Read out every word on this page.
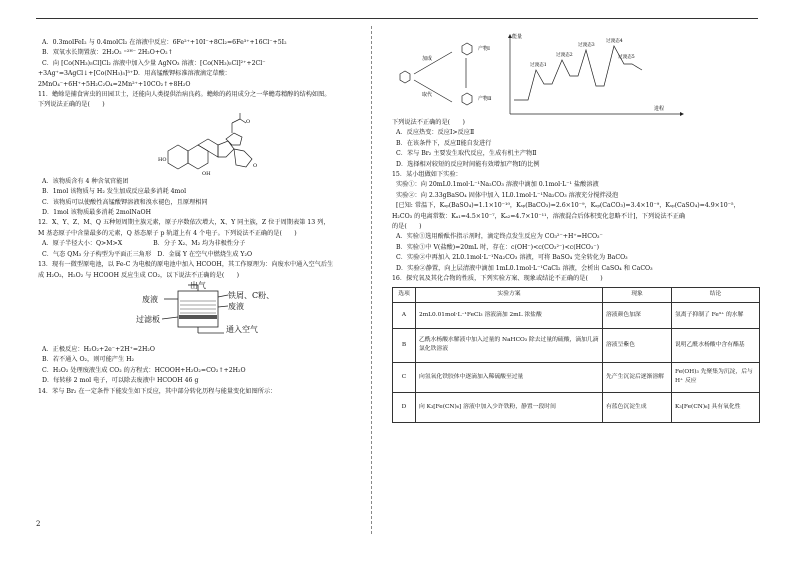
A．0.3molFeI₂ 与 0.4molCl₂ 在溶液中反应：6Fe²⁺+10I⁻+8Cl₂=6Fe³⁺+16Cl⁻+5I₂
B．双氧水长期置放：2H₂O₂ ⁼²ᴴ⁻ 2H₂O+O₂↑
C．向 [Co(NH₃)₅Cl]Cl₂ 溶液中加入少量 AgNO₃ 溶液：[Co(NH₃)₅Cl]²⁺+2Cl⁻
+3Ag⁺=3AgCl↓+[Co(NH₃)₅]³⁺D．用高锰酸钾标准溶液滴定草酸：
2MnO₄⁻+6H⁺+5H₂C₂O₄=2Mn²⁺+10CO₂↑+8H₂O
11．蟾蜍是捕食害虫的田园卫士，还能向人类提供治病良药。蟾蜍的药用成分之一华蟾毒精醇的结构如图。
下列说法正确的是(　　)
HO
OH
O
O
A．该物质含有 4 种含氧官能团
B．1mol 该物质与 H₂ 发生加成反应最多消耗 4mol
C．该物质可以使酸性高锰酸钾溶液和溴水褪色，且原理相同
D．1mol 该物质最多消耗 2molNaOH
12．X、Y、Z、M、Q 五种短周期主族元素，原子序数依次增大，X、Y 同主族，Z 位于周期表第 13 列，
M 基态原子中含量最多的元素，Q 基态原子 p 轨道上有 4 个电子。下列说法不正确的是(　　)
A．原子半径大小：Q>M>X　　　　　B．分子 X₂、M₂ 均为非极性分子
C．气态 QM₃ 分子构型为平面正三角形　D．金属 Y 在空气中燃烧生成 Y₂O
13．现有一微型原电池，以 Fe-C 为电极的原电池中加入 HCOOH，其工作原理为：向废水中通入空气后生
成 H₂O₂，H₂O₂ 与 HCOOH 反应生成 CO₂，以下说法不正确的是(　　)
出气
废液	铁屑、C粉、
废液
过滤板
通入空气
A．正极反应：H₂O₂+2e⁻+2H⁺=2H₂O
B．若不通入 O₂，则可能产生 H₂
C．H₂O₂ 处理废液生成 CO₂ 的方程式：HCOOH+H₂O₂=CO₂↑+2H₂O
D．每转移 2 mol 电子，可以除去废液中 HCOOH 46 g
14．苯与 Br₂ 在一定条件下能发生如下反应，其中部分转化历程与能量变化如图所示：
2
加成
取代
产物Ⅰ
产物Ⅱ
能量
过渡态1
过渡态2
过渡态3
过渡态4
过渡态5
进程
下列说法不正确的是(　　)
A．反应热变：反应Ⅰ>反应Ⅱ
B．在该条件下，反应Ⅱ能自发进行
C．苯与 Br₂ 主要发生取代反应，生成有机主产物Ⅱ
D．选择相对较短的反应时间能有效增加产物Ⅰ的比例
15．某小组做如下实验：
实验①：向 20mL0.1mol·L⁻¹Na₂CO₃ 溶液中滴加 0.1mol·L⁻¹ 盐酸溶液
实验②：向 2.33gBaSO₄ 固体中加入 1L0.1mol·L⁻¹Na₂CO₃ 溶液充分搅拌浸泡
[已知: 常温下，Kₛₚ(BaSO₄)=1.1×10⁻¹⁰，Kₛₚ(BaCO₃)=2.6×10⁻⁹，Kₛₚ(CaCO₃)=3.4×10⁻⁹，Kₛₚ(CaSO₄)=4.9×10⁻⁵，
H₂CO₃ 的电离常数：Kₐ₁=4.5×10⁻⁷，Kₐ₂=4.7×10⁻¹¹，溶液混合后体积变化忽略不计]，下列说法不正确
的是(　　)
A．实验①选用酚酞作指示剂时，滴定终点发生反应为 CO₃²⁻+H⁺=HCO₃⁻
B．实验①中 V(盐酸)=20mL 时，存在：c(OH⁻)<c(CO₃²⁻)<c(HCO₃⁻)
C．实验②中再加入 2L0.1mol·L⁻¹Na₂CO₃ 溶液，可将 BaSO₄ 完全转化为 BaCO₃
D．实验②静置，向上层清液中滴加 1mL0.1mol·L⁻¹CaCl₂ 溶液，会析出 CaSO₄ 和 CaCO₃
16．探究氧及其化合物的性质，下列实验方案、现象或结论不正确的是(　　)
选项	实验方案	现象	结论
A	2mL0.01mol·L⁻¹FeCl₃ 溶液滴加 2mL 浓盐酸	溶液颜色加深	氢离子抑制了 Fe³⁺ 的水解
B	乙酰水杨酸水解液中加入过量的 NaHCO₃ 除去过量的硫酸，滴加几滴氯化铁溶液	溶液呈紫色	说明乙酰水杨酸中含有酯基
C	向氢氧化铁胶体中逐滴加入稀硫酸至过量	先产生沉淀后逐渐溶解	Fe(OH)₃ 先聚集为沉淀，后与 H⁺ 反应
D	向 K₃[Fe(CN)₆] 溶液中加入少许铁粉，静置一段时间	有蓝色沉淀生成	K₃[Fe(CN)₆] 具有氧化性
